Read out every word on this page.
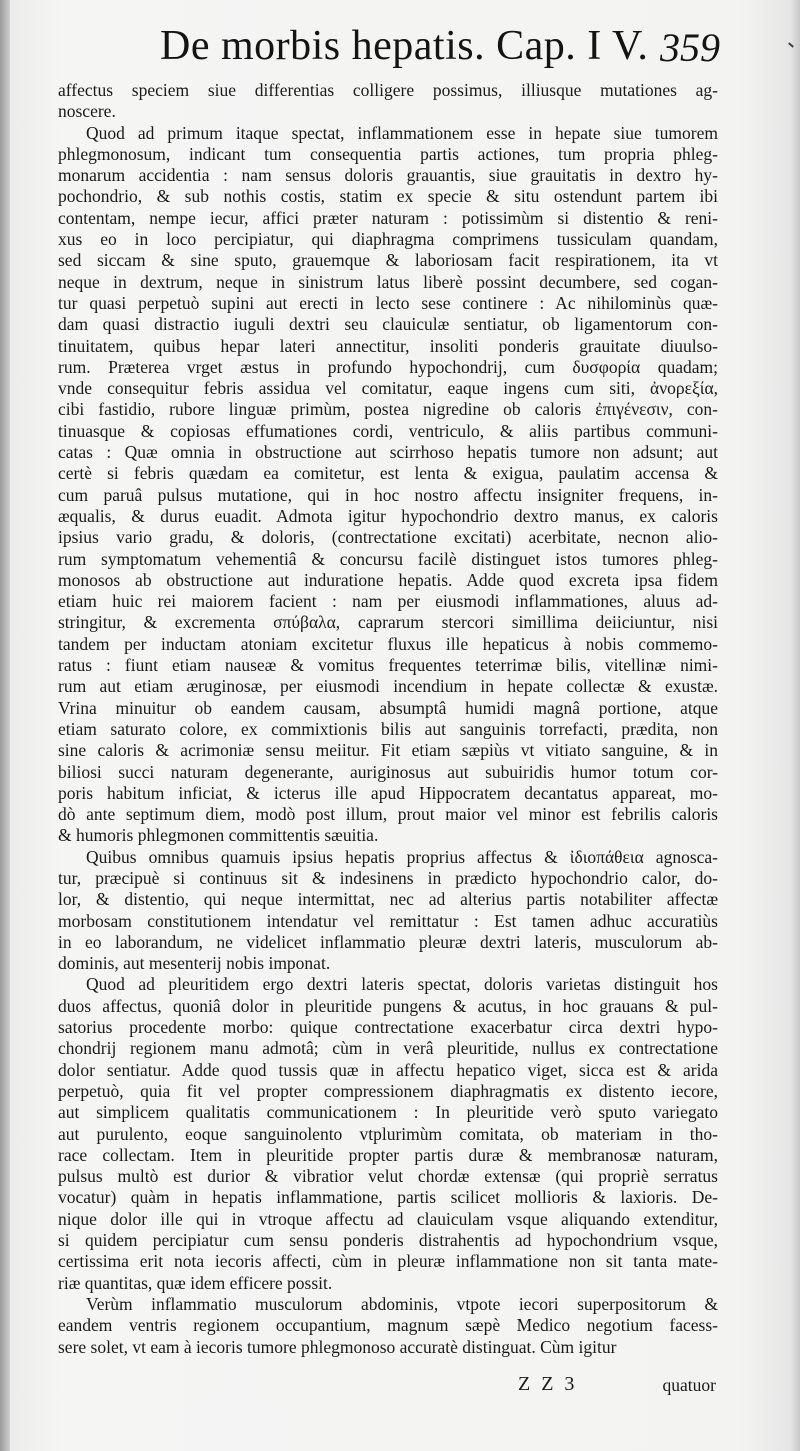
De morbis hepatis. Cap. I V. 359
affectus speciem siue differentias colligere possimus, illiusque mutationes ag-
noscere.
Quod ad primum itaque spectat, inflammationem esse in hepate siue tumorem
phlegmonosum, indicant tum consequentia partis actiones, tum propria phleg-
monarum accidentia : nam sensus doloris grauantis, siue grauitatis in dextro hy-
pochondrio, & sub nothis costis, statim ex specie & situ ostendunt partem ibi
contentam, nempe iecur, affici præter naturam : potissimùm si distentio & reni-
xus eo in loco percipiatur, qui diaphragma comprimens tussiculam quandam,
sed siccam & sine sputo, grauemque & laboriosam facit respirationem, ita vt
neque in dextrum, neque in sinistrum latus liberè possint decumbere, sed cogan-
tur quasi perpetuò supini aut erecti in lecto sese continere : Ac nihilominùs quæ-
dam quasi distractio iuguli dextri seu clauiculæ sentiatur, ob ligamentorum con-
tinuitatem, quibus hepar lateri annectitur, insoliti ponderis grauitate diuulso-
rum. Præterea vrget æstus in profundo hypochondrij, cum δυσφορία quadam;
vnde consequitur febris assidua vel comitatur, eaque ingens cum siti, ἀνορεξία,
cibi fastidio, rubore linguæ primùm, postea nigredine ob caloris ἐπιγένεσιν, con-
tinuasque & copiosas effumationes cordi, ventriculo, & aliis partibus communi-
catas : Quæ omnia in obstructione aut scirrhoso hepatis tumore non adsunt; aut
certè si febris quædam ea comitetur, est lenta & exigua, paulatim accensa &
cum paruâ pulsus mutatione, qui in hoc nostro affectu insigniter frequens, in-
æqualis, & durus euadit. Admota igitur hypochondrio dextro manus, ex caloris
ipsius vario gradu, & doloris, (contrectatione excitati) acerbitate, necnon alio-
rum symptomatum vehementiâ & concursu facilè distinguet istos tumores phleg-
monosos ab obstructione aut induratione hepatis. Adde quod excreta ipsa fidem
etiam huic rei maiorem facient : nam per eiusmodi inflammationes, aluus ad-
stringitur, & excrementa σπύβαλα, caprarum stercori simillima deiiciuntur, nisi
tandem per inductam atoniam excitetur fluxus ille hepaticus à nobis commemo-
ratus : fiunt etiam nauseæ & vomitus frequentes teterrimæ bilis, vitellinæ nimi-
rum aut etiam æruginosæ, per eiusmodi incendium in hepate collectæ & exustæ.
Vrina minuitur ob eandem causam, absumptâ humidi magnâ portione, atque
etiam saturato colore, ex commixtionis bilis aut sanguinis torrefacti, prædita, non
sine caloris & acrimoniæ sensu meiitur. Fit etiam sæpiùs vt vitiato sanguine, & in
biliosi succi naturam degenerante, auriginosus aut subuiridis humor totum cor-
poris habitum inficiat, & icterus ille apud Hippocratem decantatus appareat, mo-
dò ante septimum diem, modò post illum, prout maior vel minor est febrilis caloris
& humoris phlegmonen committentis sæuitia.
Quibus omnibus quamuis ipsius hepatis proprius affectus & ἰδιοπάθεια agnosca-
tur, præcipuè si continuus sit & indesinens in prædicto hypochondrio calor, do-
lor, & distentio, qui neque intermittat, nec ad alterius partis notabiliter affectæ
morbosam constitutionem intendatur vel remittatur : Est tamen adhuc accuratiùs
in eo laborandum, ne videlicet inflammatio pleuræ dextri lateris, musculorum ab-
dominis, aut mesenterij nobis imponat.
Quod ad pleuritidem ergo dextri lateris spectat, doloris varietas distinguit hos
duos affectus, quoniâ dolor in pleuritide pungens & acutus, in hoc grauans & pul-
satorius procedente morbo: quique contrectatione exacerbatur circa dextri hypo-
chondrij regionem manu admotâ; cùm in verâ pleuritide, nullus ex contrectatione
dolor sentiatur. Adde quod tussis quæ in affectu hepatico viget, sicca est & arida
perpetuò, quia fit vel propter compressionem diaphragmatis ex distento iecore,
aut simplicem qualitatis communicationem : In pleuritide verò sputo variegato
aut purulento, eoque sanguinolento vtplurimùm comitata, ob materiam in tho-
race collectam. Item in pleuritide propter partis duræ & membranosæ naturam,
pulsus multò est durior & vibratior velut chordæ extensæ (qui propriè serratus
vocatur) quàm in hepatis inflammatione, partis scilicet mollioris & laxioris. De-
nique dolor ille qui in vtroque affectu ad clauiculam vsque aliquando extenditur,
si quidem percipiatur cum sensu ponderis distrahentis ad hypochondrium vsque,
certissima erit nota iecoris affecti, cùm in pleuræ inflammatione non sit tanta mate-
riæ quantitas, quæ idem efficere possit.
Verùm inflammatio musculorum abdominis, vtpote iecori superpositorum &
eandem ventris regionem occupantium, magnum sæpè Medico negotium facess-
sere solet, vt eam à iecoris tumore phlegmonoso accuratè distinguat. Cùm igitur
Z Z 3	quatuor
